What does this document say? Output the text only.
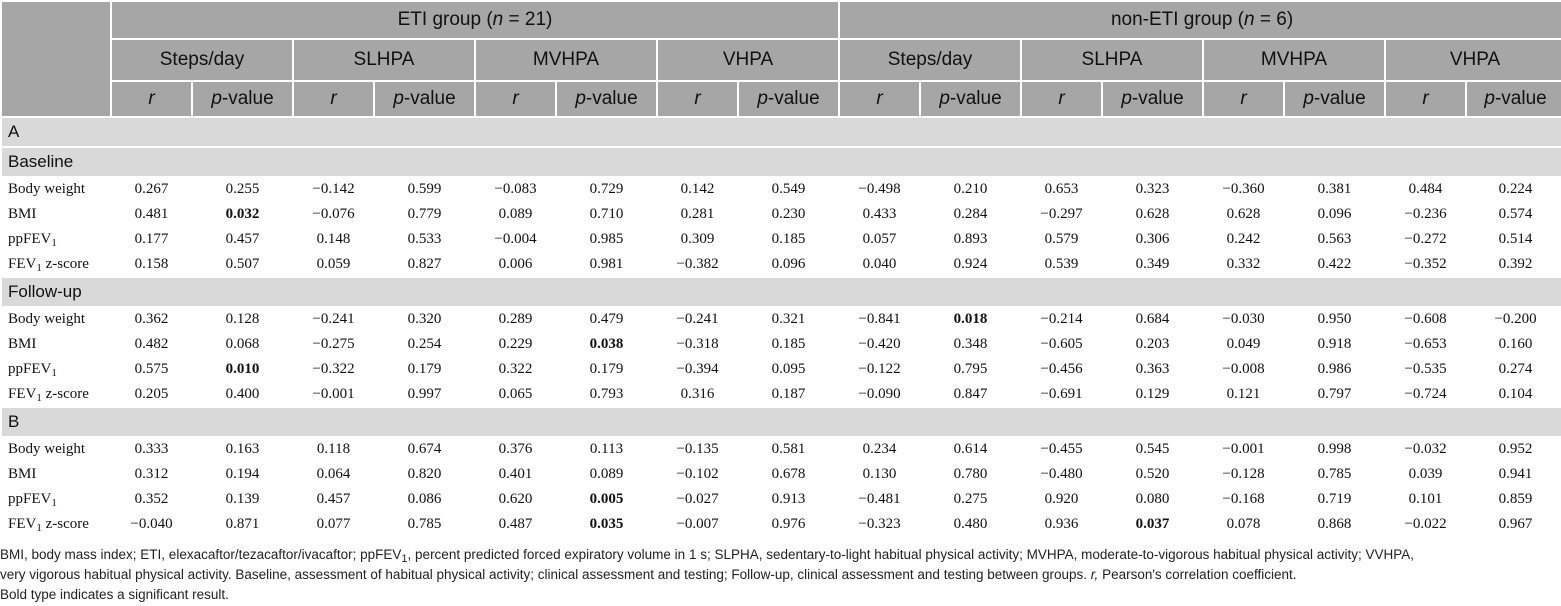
	ETI group (n = 21)								non-ETI group (n = 6)							
	Steps/day		SLHPA		MVHPA		VHPA		Steps/day		SLHPA		MVHPA		VHPA	
	r	p-value	r	p-value	r	p-value	r	p-value	r	p-value	r	p-value	r	p-value	r	p-value
A																
Baseline																
Body weight	0.267	0.255	−0.142	0.599	−0.083	0.729	0.142	0.549	−0.498	0.210	0.653	0.323	−0.360	0.381	0.484	0.224
BMI	0.481	0.032	−0.076	0.779	0.089	0.710	0.281	0.230	0.433	0.284	−0.297	0.628	0.628	0.096	−0.236	0.574
ppFEV$_1$	0.177	0.457	0.148	0.533	−0.004	0.985	0.309	0.185	0.057	0.893	0.579	0.306	0.242	0.563	−0.272	0.514
$FEV_1$ z-score	0.158	0.507	0.059	0.827	0.006	0.981	−0.382	0.096	0.040	0.924	0.539	0.349	0.332	0.422	−0.352	0.392
Follow-up																
Body weight	0.362	0.128	−0.241	0.320	0.289	0.479	−0.241	0.321	−0.841	0.018	−0.214	0.684	−0.030	0.950	−0.608	−0.200
BMI	0.482	0.068	−0.275	0.254	0.229	0.038	−0.318	0.185	−0.420	0.348	−0.605	0.203	0.049	0.918	−0.653	0.160
ppFEV$_1$	0.575	0.010	−0.322	0.179	0.322	0.179	−0.394	0.095	−0.122	0.795	−0.456	0.363	−0.008	0.986	−0.535	0.274
$FEV_1$ z-score	0.205	0.400	−0.001	0.997	0.065	0.793	0.316	0.187	−0.090	0.847	−0.691	0.129	0.121	0.797	−0.724	0.104
B																
Body weight	0.333	0.163	0.118	0.674	0.376	0.113	−0.135	0.581	0.234	0.614	−0.455	0.545	−0.001	0.998	−0.032	0.952
BMI	0.312	0.194	0.064	0.820	0.401	0.089	−0.102	0.678	0.130	0.780	−0.480	0.520	−0.128	0.785	0.039	0.941
ppFEV$_1$	0.352	0.139	0.457	0.086	0.620	0.005	−0.027	0.913	−0.481	0.275	0.920	0.080	−0.168	0.719	0.101	0.859
$FEV_1$ z-score	−0.040	0.871	0.077	0.785	0.487	0.035	−0.007	0.976	−0.323	0.480	0.936	0.037	0.078	0.868	−0.022	0.967

BMI, body mass index; ETI, elexacaftor/tezacaftor/ivacaftor; ppFEV$_1$, percent predicted forced expiratory volume in 1 s; SLPHA, sedentary-to-light habitual physical activity; MVHPA, moderate-to-vigorous habitual physical activity; VVHPA,

very vigorous habitual physical activity. Baseline, assessment of habitual physical activity; clinical assessment and testing; Follow-up, clinical assessment and testing between groups. r, Pearson's correlation coefficient.

Bold type indicates a significant result.
